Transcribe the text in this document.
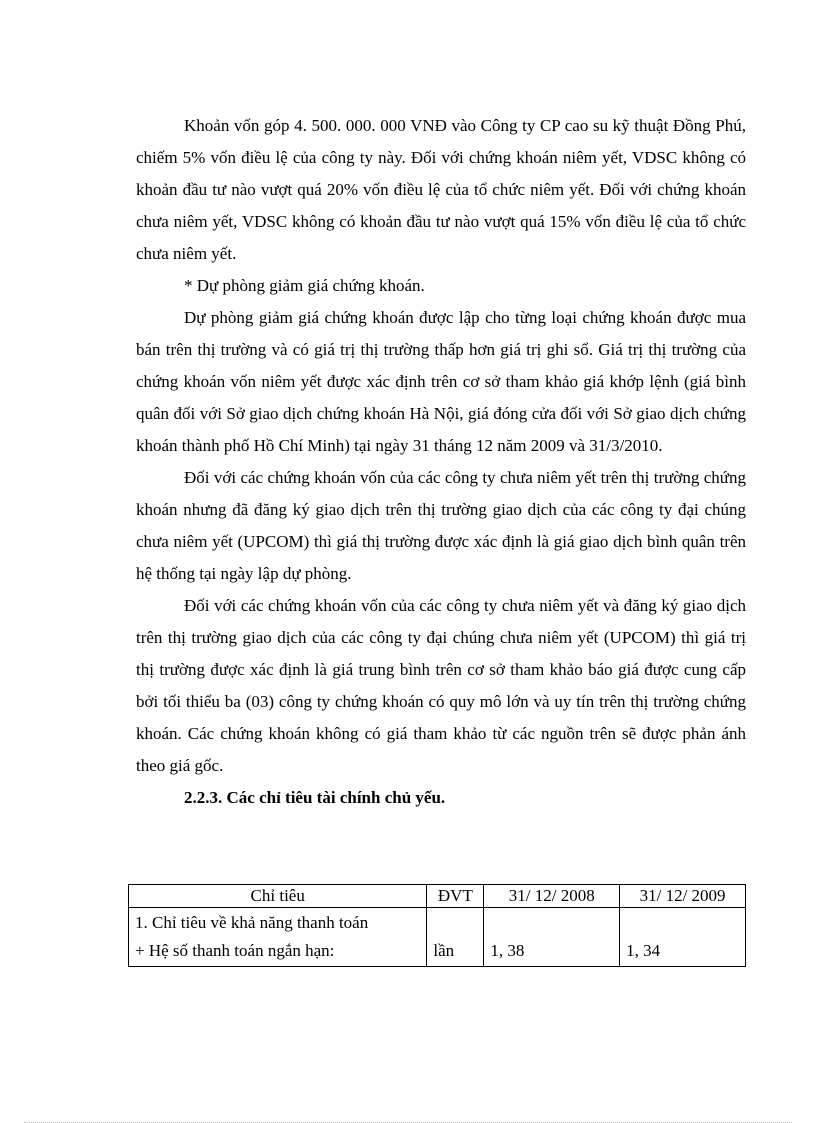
Khoản vốn góp 4. 500. 000. 000 VNĐ vào Công ty CP cao su kỹ thuật Đồng Phú, chiếm 5% vốn điều lệ của công ty này. Đối với chứng khoán niêm yết, VDSC không có khoản đầu tư nào vượt quá 20% vốn điều lệ của tổ chức niêm yết. Đối với chứng khoán chưa niêm yết, VDSC không có khoản đầu tư nào vượt quá 15% vốn điều lệ của tổ chức chưa niêm yết.

* Dự phòng giảm giá chứng khoán.

Dự phòng giảm giá chứng khoán được lập cho từng loại chứng khoán được mua bán trên thị trường và có giá trị thị trường thấp hơn giá trị ghi sổ. Giá trị thị trường của chứng khoán vốn niêm yết được xác định trên cơ sở tham khảo giá khớp lệnh (giá bình quân đối với Sở giao dịch chứng khoán Hà Nội, giá đóng cửa đối với Sở giao dịch chứng khoán thành phố Hồ Chí Minh) tại ngày 31 tháng 12 năm 2009 và 31/3/2010.

Đối với các chứng khoán vốn của các công ty chưa niêm yết trên thị trường chứng khoán nhưng đã đăng ký giao dịch trên thị trường giao dịch của các công ty đại chúng chưa niêm yết (UPCOM) thì giá thị trường được xác định là giá giao dịch bình quân trên hệ thống tại ngày lập dự phòng.

Đối với các chứng khoán vốn của các công ty chưa niêm yết và đăng ký giao dịch trên thị trường giao dịch của các công ty đại chúng chưa niêm yết (UPCOM) thì giá trị thị trường được xác định là giá trung bình trên cơ sở tham khảo báo giá được cung cấp bởi tối thiểu ba (03) công ty chứng khoán có quy mô lớn và uy tín trên thị trường chứng khoán. Các chứng khoán không có giá tham khảo từ các nguồn trên sẽ được phản ánh theo giá gốc.

2.2.3. Các chỉ tiêu tài chính chủ yếu.

Chỉ tiêu	ĐVT	31/ 12/ 2008	31/ 12/ 2009

1. Chỉ tiêu về khả năng thanh toán
+ Hệ số thanh toán ngắn hạn:	lần	1, 38	1, 34
